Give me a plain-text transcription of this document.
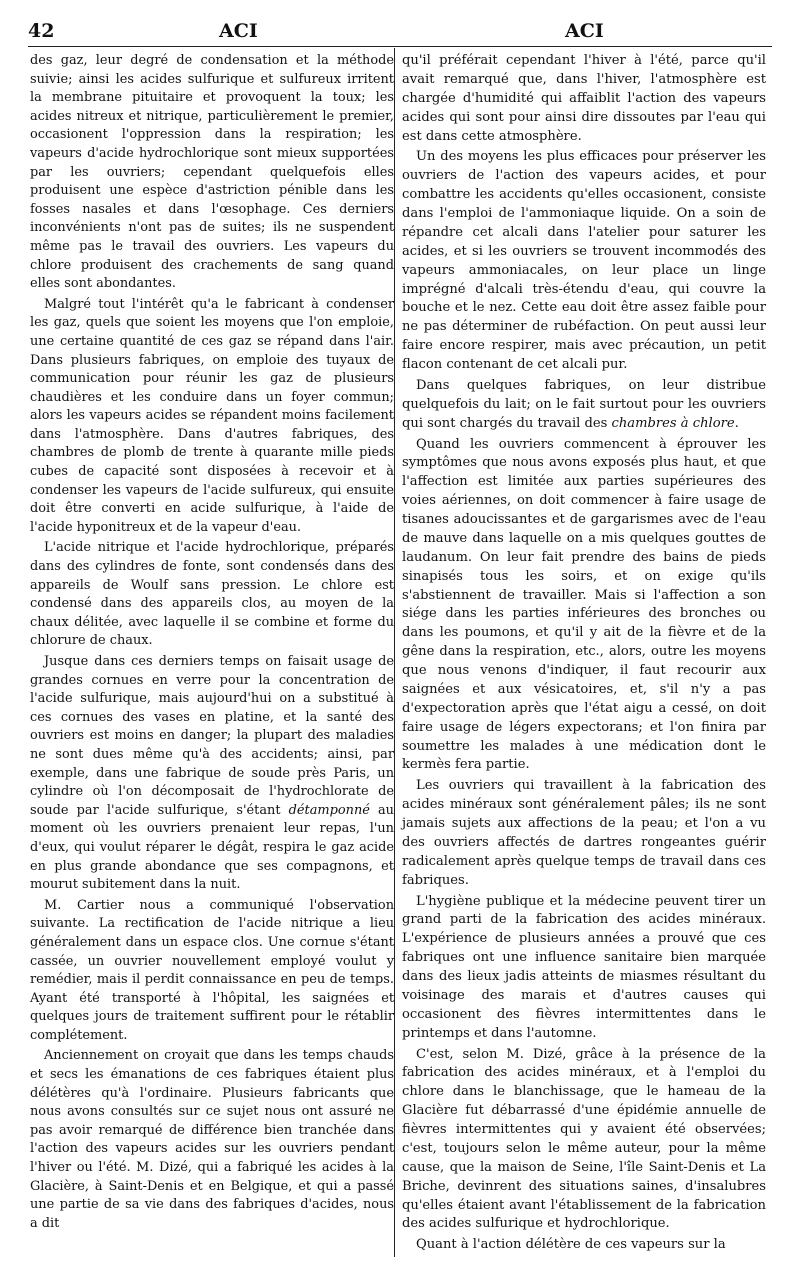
42	ACI	ACI

des gaz, leur degré de condensation et la méthode suivie; ainsi les acides sulfurique et sulfureux irritent la membrane pituitaire et provoquent la toux; les acides nitreux et nitrique, particulièrement le premier, occasionent l'oppression dans la respiration; les vapeurs d'acide hydrochlorique sont mieux supportées par les ouvriers; cependant quelquefois elles produisent une espèce d'astriction pénible dans les fosses nasales et dans l'œsophage. Ces derniers inconvénients n'ont pas de suites; ils ne suspendent même pas le travail des ouvriers. Les vapeurs du chlore produisent des crachements de sang quand elles sont abondantes.

Malgré tout l'intérêt qu'a le fabricant à condenser les gaz, quels que soient les moyens que l'on emploie, une certaine quantité de ces gaz se répand dans l'air. Dans plusieurs fabriques, on emploie des tuyaux de communication pour réunir les gaz de plusieurs chaudières et les conduire dans un foyer commun; alors les vapeurs acides se répandent moins facilement dans l'atmosphère. Dans d'autres fabriques, des chambres de plomb de trente à quarante mille pieds cubes de capacité sont disposées à recevoir et à condenser les vapeurs de l'acide sulfureux, qui ensuite doit être converti en acide sulfurique, à l'aide de l'acide hyponitreux et de la vapeur d'eau.

L'acide nitrique et l'acide hydrochlorique, préparés dans des cylindres de fonte, sont condensés dans des appareils de Woulf sans pression. Le chlore est condensé dans des appareils clos, au moyen de la chaux délitée, avec laquelle il se combine et forme du chlorure de chaux.

Jusque dans ces derniers temps on faisait usage de grandes cornues en verre pour la concentration de l'acide sulfurique, mais aujourd'hui on a substitué à ces cornues des vases en platine, et la santé des ouvriers est moins en danger; la plupart des maladies ne sont dues même qu'à des accidents; ainsi, par exemple, dans une fabrique de soude près Paris, un cylindre où l'on décomposait de l'hydrochlorate de soude par l'acide sulfurique, s'étant détamponné au moment où les ouvriers prenaient leur repas, l'un d'eux, qui voulut réparer le dégât, respira le gaz acide en plus grande abondance que ses compagnons, et mourut subitement dans la nuit.

M. Cartier nous a communiqué l'observation suivante. La rectification de l'acide nitrique a lieu généralement dans un espace clos. Une cornue s'étant cassée, un ouvrier nouvellement employé voulut y remédier, mais il perdit connaissance en peu de temps. Ayant été transporté à l'hôpital, les saignées et quelques jours de traitement suffirent pour le rétablir complétement.

Anciennement on croyait que dans les temps chauds et secs les émanations de ces fabriques étaient plus délétères qu'à l'ordinaire. Plusieurs fabricants que nous avons consultés sur ce sujet nous ont assuré ne pas avoir remarqué de différence bien tranchée dans l'action des vapeurs acides sur les ouvriers pendant l'hiver ou l'été. M. Dizé, qui a fabriqué les acides à la Glacière, à Saint-Denis et en Belgique, et qui a passé une partie de sa vie dans des fabriques d'acides, nous a dit

qu'il préférait cependant l'hiver à l'été, parce qu'il avait remarqué que, dans l'hiver, l'atmosphère est chargée d'humidité qui affaiblit l'action des vapeurs acides qui sont pour ainsi dire dissoutes par l'eau qui est dans cette atmosphère.

Un des moyens les plus efficaces pour préserver les ouvriers de l'action des vapeurs acides, et pour combattre les accidents qu'elles occasionent, consiste dans l'emploi de l'ammoniaque liquide. On a soin de répandre cet alcali dans l'atelier pour saturer les acides, et si les ouvriers se trouvent incommodés des vapeurs ammoniacales, on leur place un linge imprégné d'alcali très-étendu d'eau, qui couvre la bouche et le nez. Cette eau doit être assez faible pour ne pas déterminer de rubéfaction. On peut aussi leur faire encore respirer, mais avec précaution, un petit flacon contenant de cet alcali pur.

Dans quelques fabriques, on leur distribue quelquefois du lait; on le fait surtout pour les ouvriers qui sont chargés du travail des chambres à chlore.

Quand les ouvriers commencent à éprouver les symptômes que nous avons exposés plus haut, et que l'affection est limitée aux parties supérieures des voies aériennes, on doit commencer à faire usage de tisanes adoucissantes et de gargarismes avec de l'eau de mauve dans laquelle on a mis quelques gouttes de laudanum. On leur fait prendre des bains de pieds sinapisés tous les soirs, et on exige qu'ils s'abstiennent de travailler. Mais si l'affection a son siége dans les parties inférieures des bronches ou dans les poumons, et qu'il y ait de la fièvre et de la gêne dans la respiration, etc., alors, outre les moyens que nous venons d'indiquer, il faut recourir aux saignées et aux vésicatoires, et, s'il n'y a pas d'expectoration après que l'état aigu a cessé, on doit faire usage de légers expectorans; et l'on finira par soumettre les malades à une médication dont le kermès fera partie.

Les ouvriers qui travaillent à la fabrication des acides minéraux sont généralement pâles; ils ne sont jamais sujets aux affections de la peau; et l'on a vu des ouvriers affectés de dartres rongeantes guérir radicalement après quelque temps de travail dans ces fabriques.

L'hygiène publique et la médecine peuvent tirer un grand parti de la fabrication des acides minéraux. L'expérience de plusieurs années a prouvé que ces fabriques ont une influence sanitaire bien marquée dans des lieux jadis atteints de miasmes résultant du voisinage des marais et d'autres causes qui occasionent des fièvres intermittentes dans le printemps et dans l'automne.

C'est, selon M. Dizé, grâce à la présence de la fabrication des acides minéraux, et à l'emploi du chlore dans le blanchissage, que le hameau de la Glacière fut débarrassé d'une épidémie annuelle de fièvres intermittentes qui y avaient été observées; c'est, toujours selon le même auteur, pour la même cause, que la maison de Seine, l'île Saint-Denis et La Briche, devinrent des situations saines, d'insalubres qu'elles étaient avant l'établissement de la fabrication des acides sulfurique et hydrochlorique.

Quant à l'action délétère de ces vapeurs sur la
